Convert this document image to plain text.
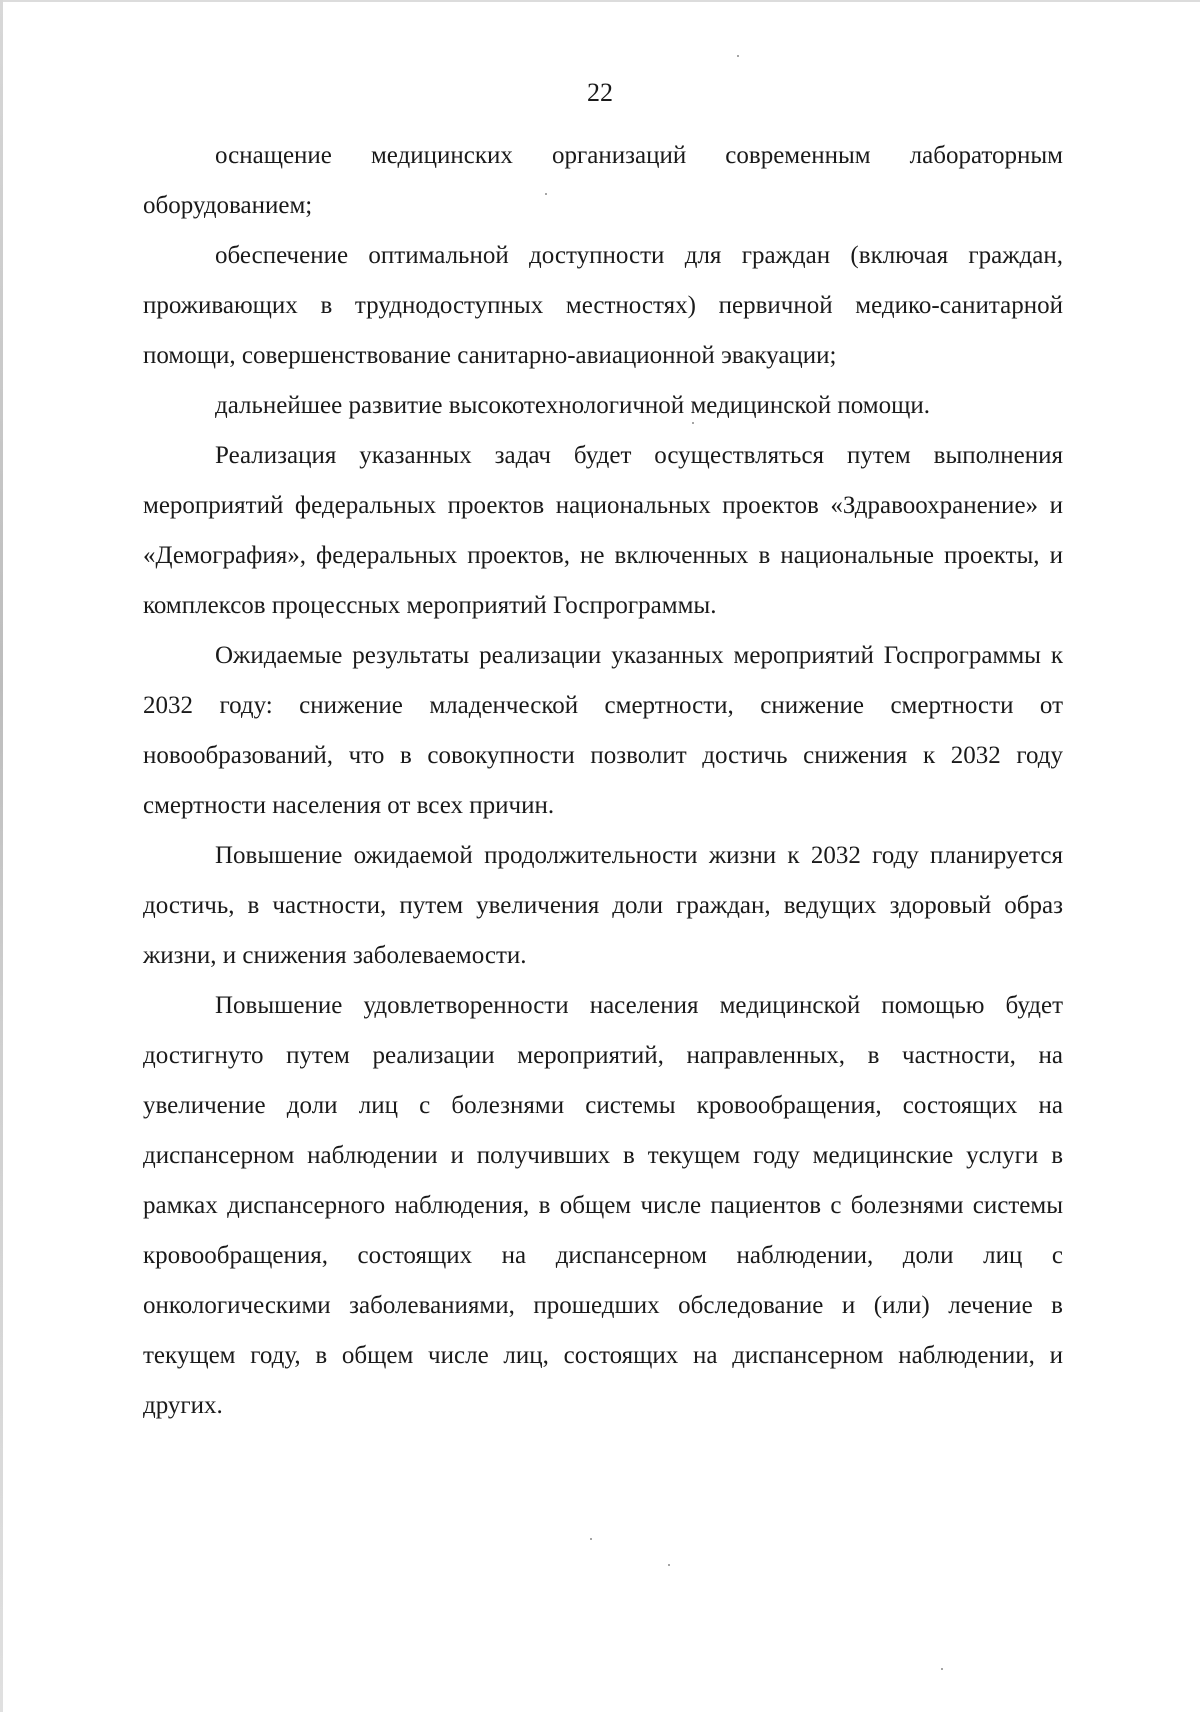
22

оснащение медицинских организаций современным лабораторным оборудованием;

обеспечение оптимальной доступности для граждан (включая граждан, проживающих в труднодоступных местностях) первичной медико-санитарной помощи, совершенствование санитарно-авиационной эвакуации;

дальнейшее развитие высокотехнологичной медицинской помощи.

Реализация указанных задач будет осуществляться путем выполнения мероприятий федеральных проектов национальных проектов «Здравоохранение» и «Демография», федеральных проектов, не включенных в национальные проекты, и комплексов процессных мероприятий Госпрограммы.

Ожидаемые результаты реализации указанных мероприятий Госпрограммы к 2032 году: снижение младенческой смертности, снижение смертности от новообразований, что в совокупности позволит достичь снижения к 2032 году смертности населения от всех причин.

Повышение ожидаемой продолжительности жизни к 2032 году планируется достичь, в частности, путем увеличения доли граждан, ведущих здоровый образ жизни, и снижения заболеваемости.

Повышение удовлетворенности населения медицинской помощью будет достигнуто путем реализации мероприятий, направленных, в частности, на увеличение доли лиц с болезнями системы кровообращения, состоящих на диспансерном наблюдении и получивших в текущем году медицинские услуги в рамках диспансерного наблюдения, в общем числе пациентов с болезнями системы кровообращения, состоящих на диспансерном наблюдении, доли лиц с онкологическими заболеваниями, прошедших обследование и (или) лечение в текущем году, в общем числе лиц, состоящих на диспансерном наблюдении, и других.
